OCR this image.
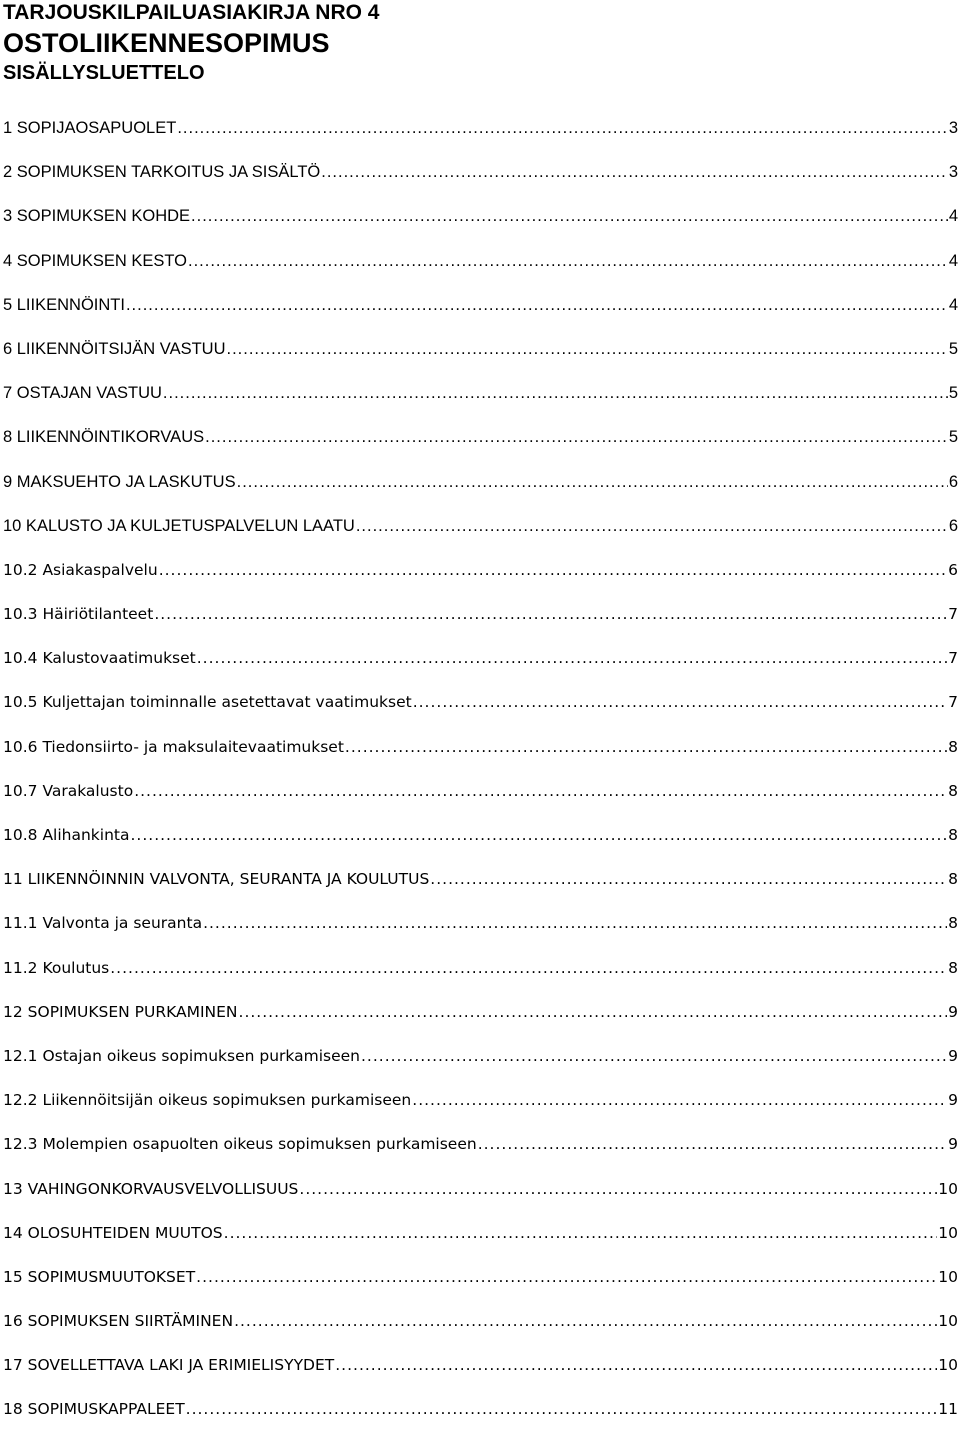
TARJOUSKILPAILUASIAKIRJA NRO 4
OSTOLIIKENNESOPIMUS
SISÄLLYSLUETTELO
1 SOPIJAOSAPUOLET .....	3
2 SOPIMUKSEN TARKOITUS JA SISÄLTÖ .....	3
3 SOPIMUKSEN KOHDE .....	4
4 SOPIMUKSEN KESTO .....	4
5 LIIKENNÖINTI .....	4
6 LIIKENNÖITSIJÄN VASTUU .....	5
7 OSTAJAN VASTUU .....	5
8 LIIKENNÖINTIKORVAUS .....	5
9 MAKSUEHTO JA LASKUTUS .....	6
10 KALUSTO JA KULJETUSPALVELUN LAATU .....	6
10.2 Asiakaspalvelu .....	6
10.3 Häiriötilanteet .....	7
10.4 Kalustovaatimukset .....	7
10.5 Kuljettajan toiminnalle asetettavat vaatimukset .....	7
10.6 Tiedonsiirto- ja maksulaitevaatimukset .....	8
10.7 Varakalusto .....	8
10.8 Alihankinta .....	8
11 LIIKENNÖINNIN VALVONTA, SEURANTA JA KOULUTUS .....	8
11.1 Valvonta ja seuranta .....	8
11.2 Koulutus .....	8
12 SOPIMUKSEN PURKAMINEN .....	9
12.1 Ostajan oikeus sopimuksen purkamiseen .....	9
12.2 Liikennöitsijän oikeus sopimuksen purkamiseen .....	9
12.3 Molempien osapuolten oikeus sopimuksen purkamiseen .....	9
13 VAHINGONKORVAUSVELVOLLISUUS .....	10
14 OLOSUHTEIDEN MUUTOS .....	10
15 SOPIMUSMUUTOKSET .....	10
16 SOPIMUKSEN SIIRTÄMINEN .....	10
17 SOVELLETTAVA LAKI JA ERIMIELISYYDET .....	10
18 SOPIMUSKAPPALEET .....	11
